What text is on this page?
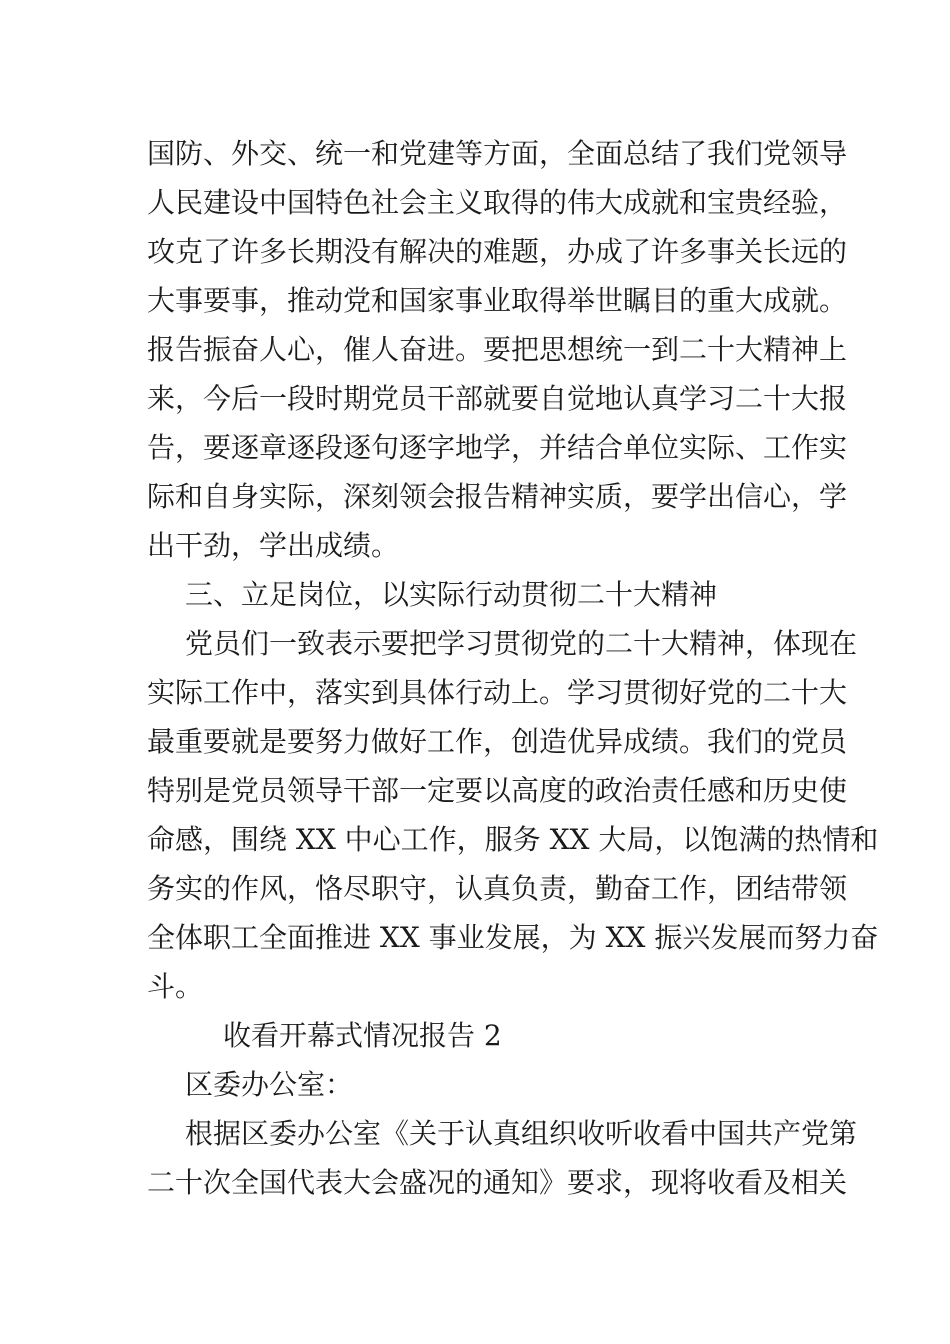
国防、外交、统一和党建等方面，全面总结了我们党领导
人民建设中国特色社会主义取得的伟大成就和宝贵经验，
攻克了许多长期没有解决的难题，办成了许多事关长远的
大事要事，推动党和国家事业取得举世瞩目的重大成就。
报告振奋人心，催人奋进。要把思想统一到二十大精神上
来，今后一段时期党员干部就要自觉地认真学习二十大报
告，要逐章逐段逐句逐字地学，并结合单位实际、工作实
际和自身实际，深刻领会报告精神实质，要学出信心，学
出干劲，学出成绩。
三、立足岗位，以实际行动贯彻二十大精神
党员们一致表示要把学习贯彻党的二十大精神，体现在
实际工作中，落实到具体行动上。学习贯彻好党的二十大
最重要就是要努力做好工作，创造优异成绩。我们的党员
特别是党员领导干部一定要以高度的政治责任感和历史使
命感，围绕 XX 中心工作，服务 XX 大局，以饱满的热情和
务实的作风，恪尽职守，认真负责，勤奋工作，团结带领
全体职工全面推进 XX 事业发展，为 XX 振兴发展而努力奋
斗。
收看开幕式情况报告 2
区委办公室：
根据区委办公室《关于认真组织收听收看中国共产党第
二十次全国代表大会盛况的通知》要求，现将收看及相关
